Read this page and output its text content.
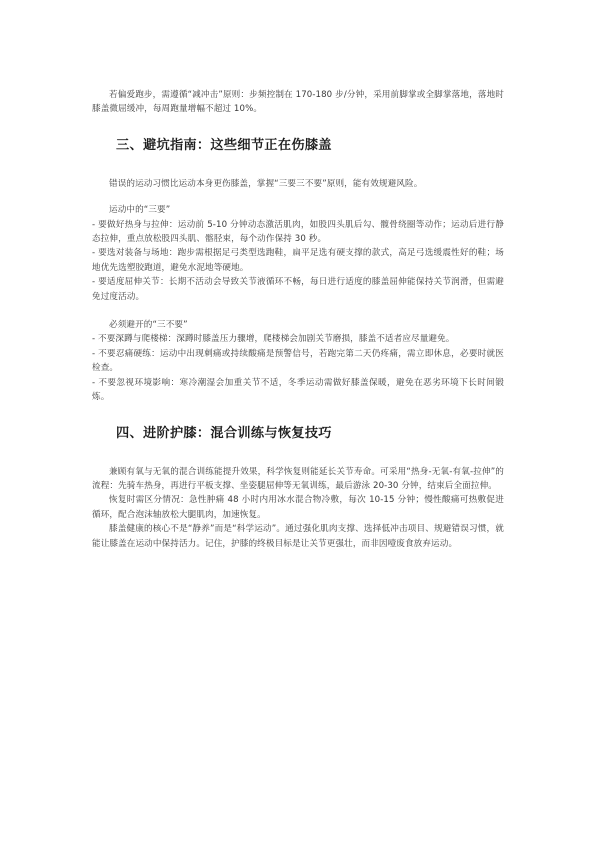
若偏爱跑步，需遵循“减冲击”原则：步频控制在 170-180 步/分钟，采用前脚掌或全脚掌落地，落地时膝盖微屈缓冲，每周跑量增幅不超过 10%。

三、避坑指南：这些细节正在伤膝盖

错误的运动习惯比运动本身更伤膝盖，掌握“三要三不要”原则，能有效规避风险。

运动中的“三要”

- 要做好热身与拉伸：运动前 5-10 分钟动态激活肌肉，如股四头肌后勾、髋骨绕圈等动作；运动后进行静态拉伸，重点放松股四头肌、髂胫束，每个动作保持 30 秒。

- 要选对装备与场地：跑步需根据足弓类型选跑鞋，扁平足选有硬支撑的款式，高足弓选缓震性好的鞋；场地优先选塑胶跑道，避免水泥地等硬地。

- 要适度屈伸关节：长期不活动会导致关节液循环不畅，每日进行适度的膝盖屈伸能保持关节润滑，但需避免过度活动。

必须避开的“三不要”

- 不要深蹲与爬楼梯：深蹲时膝盖压力骤增，爬楼梯会加剧关节磨损，膝盖不适者应尽量避免。

- 不要忍痛硬练：运动中出现刺痛或持续酸痛是预警信号，若跑完第二天仍疼痛，需立即休息，必要时就医检查。

- 不要忽视环境影响：寒冷潮湿会加重关节不适，冬季运动需做好膝盖保暖，避免在恶劣环境下长时间锻炼。

四、进阶护膝：混合训练与恢复技巧

兼顾有氧与无氧的混合训练能提升效果，科学恢复则能延长关节寿命。可采用“热身-无氧-有氧-拉伸”的流程：先骑车热身，再进行平板支撑、坐姿腿屈伸等无氧训练，最后游泳 20-30 分钟，结束后全面拉伸。

恢复时需区分情况：急性肿痛 48 小时内用冰水混合物冷敷，每次 10-15 分钟；慢性酸痛可热敷促进循环，配合泡沫轴放松大腿肌肉，加速恢复。

膝盖健康的核心不是“静养”而是“科学运动”。通过强化肌肉支撑、选择低冲击项目、规避错误习惯，就能让膝盖在运动中保持活力。记住，护膝的终极目标是让关节更强壮，而非因噎废食放弃运动。
